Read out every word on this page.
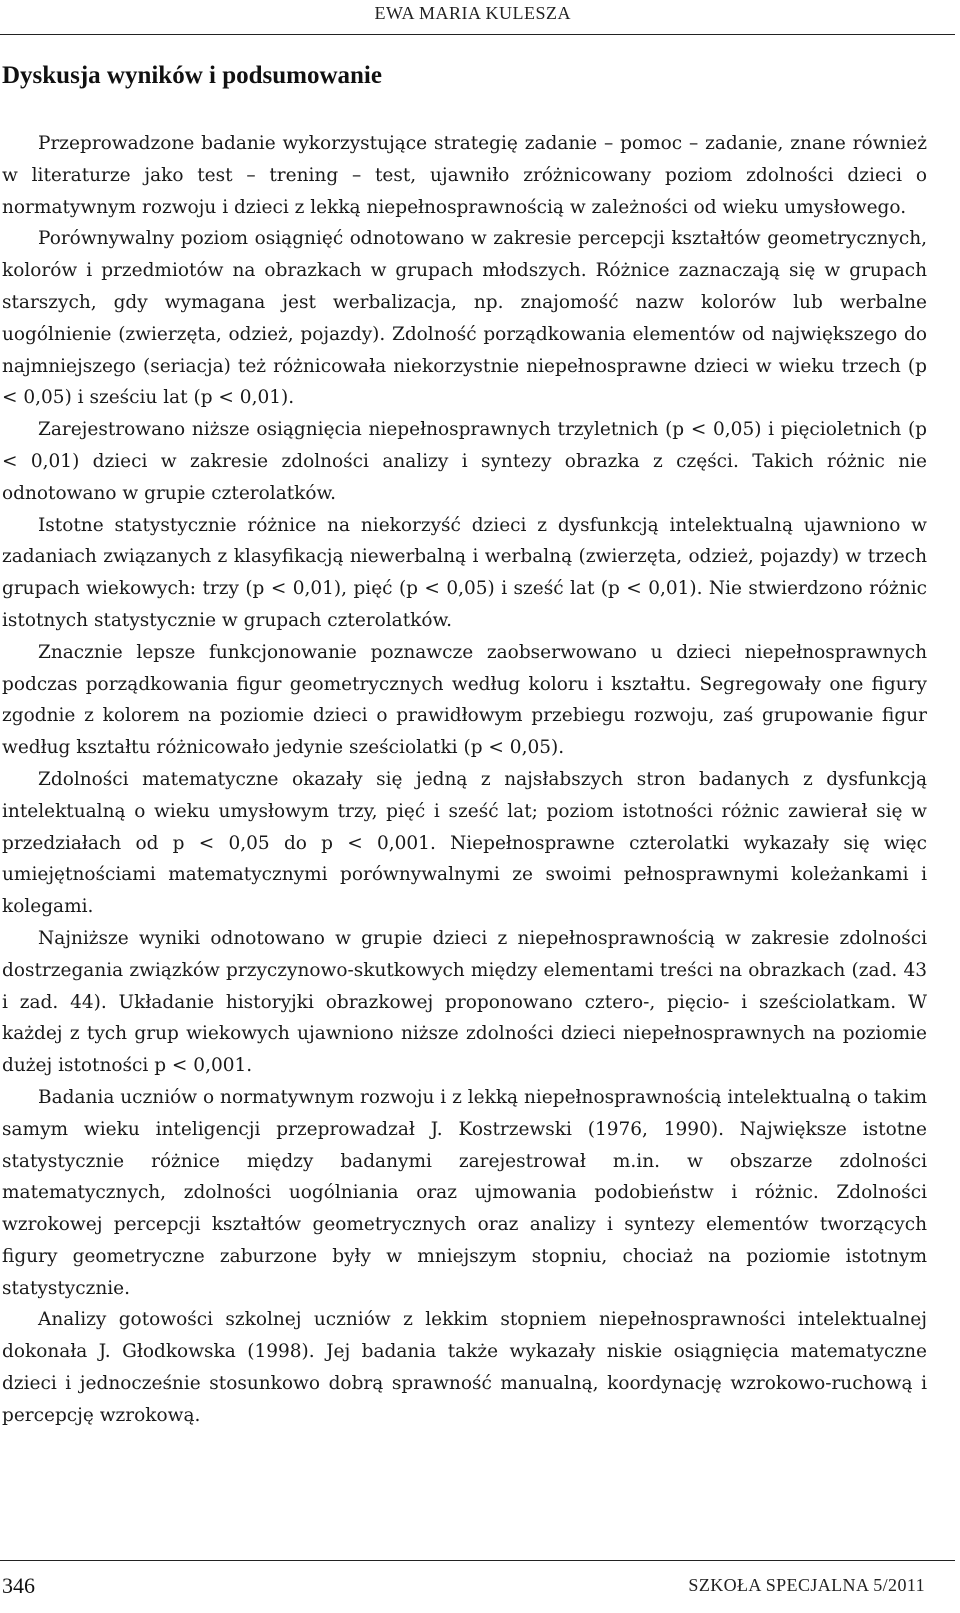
EWA MARIA KULESZA
Dyskusja wyników i podsumowanie

Przeprowadzone badanie wykorzystujące strategię zadanie – pomoc – zadanie, znane również w literaturze jako test – trening – test, ujawniło zróżnicowany poziom zdolności dzieci o normatywnym rozwoju i dzieci z lekką niepełnosprawnością w zależności od wieku umysłowego.

Porównywalny poziom osiągnięć odnotowano w zakresie percepcji kształtów geometrycznych, kolorów i przedmiotów na obrazkach w grupach młodszych. Różnice zaznaczają się w grupach starszych, gdy wymagana jest werbalizacja, np. znajomość nazw kolorów lub werbalne uogólnienie (zwierzęta, odzież, pojazdy). Zdolność porządkowania elementów od największego do najmniejszego (seriacja) też różnicowała niekorzystnie niepełnosprawne dzieci w wieku trzech (p < 0,05) i sześciu lat (p < 0,01).

Zarejestrowano niższe osiągnięcia niepełnosprawnych trzyletnich (p < 0,05) i pięcioletnich (p < 0,01) dzieci w zakresie zdolności analizy i syntezy obrazka z części. Takich różnic nie odnotowano w grupie czterolatków.

Istotne statystycznie różnice na niekorzyść dzieci z dysfunkcją intelektualną ujawniono w zadaniach związanych z klasyfikacją niewerbalną i werbalną (zwierzęta, odzież, pojazdy) w trzech grupach wiekowych: trzy (p < 0,01), pięć (p < 0,05) i sześć lat (p < 0,01). Nie stwierdzono różnic istotnych statystycznie w grupach czterolatków.

Znacznie lepsze funkcjonowanie poznawcze zaobserwowano u dzieci niepełnosprawnych podczas porządkowania figur geometrycznych według koloru i kształtu. Segregowały one figury zgodnie z kolorem na poziomie dzieci o prawidłowym przebiegu rozwoju, zaś grupowanie figur według kształtu różnicowało jedynie sześciolatki (p < 0,05).

Zdolności matematyczne okazały się jedną z najsłabszych stron badanych z dysfunkcją intelektualną o wieku umysłowym trzy, pięć i sześć lat; poziom istotności różnic zawierał się w przedziałach od p < 0,05 do p < 0,001. Niepełnosprawne czterolatki wykazały się więc umiejętnościami matematycznymi porównywalnymi ze swoimi pełnosprawnymi koleżankami i kolegami.

Najniższe wyniki odnotowano w grupie dzieci z niepełnosprawnością w zakresie zdolności dostrzegania związków przyczynowo-skutkowych między elementami treści na obrazkach (zad. 43 i zad. 44). Układanie historyjki obrazkowej proponowano cztero-, pięcio- i sześciolatkam. W każdej z tych grup wiekowych ujawniono niższe zdolności dzieci niepełnosprawnych na poziomie dużej istotności p < 0,001.

Badania uczniów o normatywnym rozwoju i z lekką niepełnosprawnością intelektualną o takim samym wieku inteligencji przeprowadzał J. Kostrzewski (1976, 1990). Największe istotne statystycznie różnice między badanymi zarejestrował m.in. w obszarze zdolności matematycznych, zdolności uogólniania oraz ujmowania podobieństw i różnic. Zdolności wzrokowej percepcji kształtów geometrycznych oraz analizy i syntezy elementów tworzących figury geometryczne zaburzone były w mniejszym stopniu, chociaż na poziomie istotnym statystycznie.

Analizy gotowości szkolnej uczniów z lekkim stopniem niepełnosprawności intelektualnej dokonała J. Głodkowska (1998). Jej badania także wykazały niskie osiągnięcia matematyczne dzieci i jednocześnie stosunkowo dobrą sprawność manualną, koordynację wzrokowo-ruchową i percepcję wzrokową.

346	SZKOŁA SPECJALNA 5/2011
